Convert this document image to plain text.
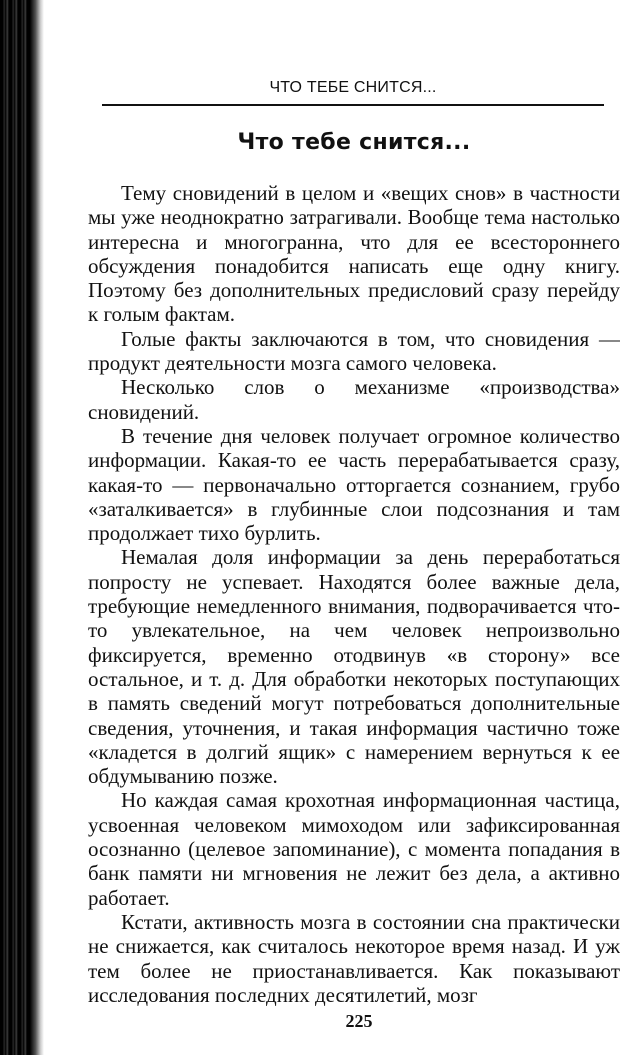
ЧТО ТЕБЕ СНИТСЯ...
Что тебе снится...

Тему сновидений в целом и «вещих снов» в частности мы уже неоднократно затрагивали. Вообще тема настолько интересна и многогранна, что для ее всестороннего обсуждения понадобится написать еще одну книгу. Поэтому без дополнительных предисловий сразу перейду к голым фактам.

Голые факты заключаются в том, что сновидения — продукт деятельности мозга самого человека.

Несколько слов о механизме «производства» сновидений.

В течение дня человек получает огромное количество информации. Какая-то ее часть перерабатывается сразу, какая-то — первоначально отторгается сознанием, грубо «заталкивается» в глубинные слои подсознания и там продолжает тихо бурлить.

Немалая доля информации за день переработаться попросту не успевает. Находятся более важные дела, требующие немедленного внимания, подворачивается что-то увлекательное, на чем человек непроизвольно фиксируется, временно отодвинув «в сторону» все остальное, и т. д. Для обработки некоторых поступающих в память сведений могут потребоваться дополнительные сведения, уточнения, и такая информация частично тоже «кладется в долгий ящик» с намерением вернуться к ее обдумыванию позже.

Но каждая самая крохотная информационная частица, усвоенная человеком мимоходом или зафиксированная осознанно (целевое запоминание), с момента попадания в банк памяти ни мгновения не лежит без дела, а активно работает.

Кстати, активность мозга в состоянии сна практически не снижается, как считалось некоторое время назад. И уж тем более не приостанавливается. Как показывают исследования последних десятилетий, мозг

225
